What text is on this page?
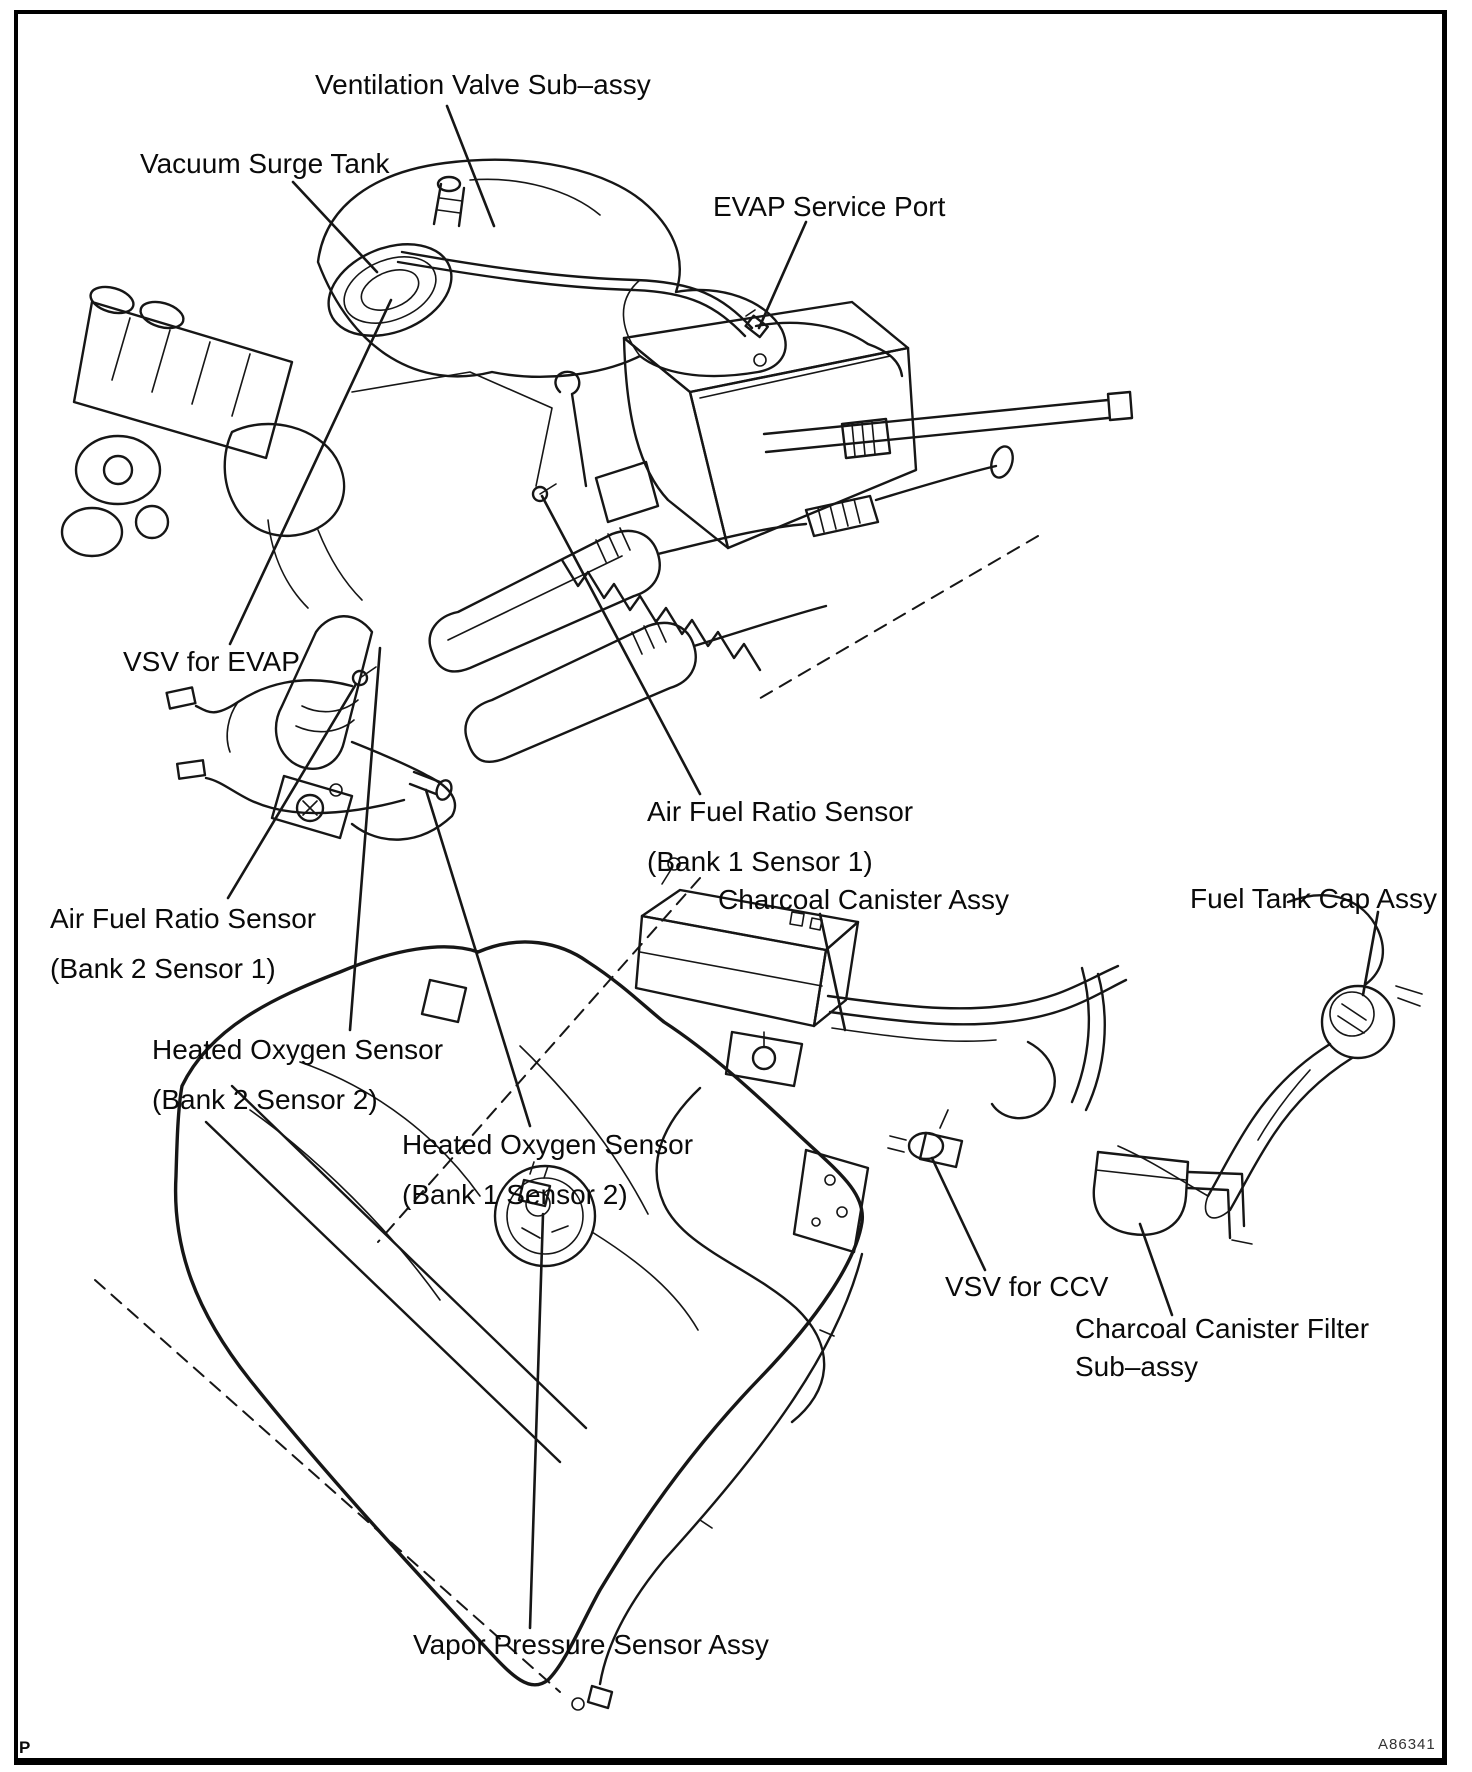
Ventilation Valve Sub–assy
Vacuum Surge Tank
EVAP Service Port
VSV for EVAP
Air Fuel Ratio Sensor
(Bank 2 Sensor 1)
Heated Oxygen Sensor
(Bank 2 Sensor 2)
Heated Oxygen Sensor
(Bank 1 Sensor 2)
Air Fuel Ratio Sensor
(Bank 1 Sensor 1)
Charcoal Canister Assy	Fuel Tank Cap Assy
VSV for CCV
Charcoal Canister Filter
Sub–assy
Vapor Pressure Sensor Assy
P	A86341
